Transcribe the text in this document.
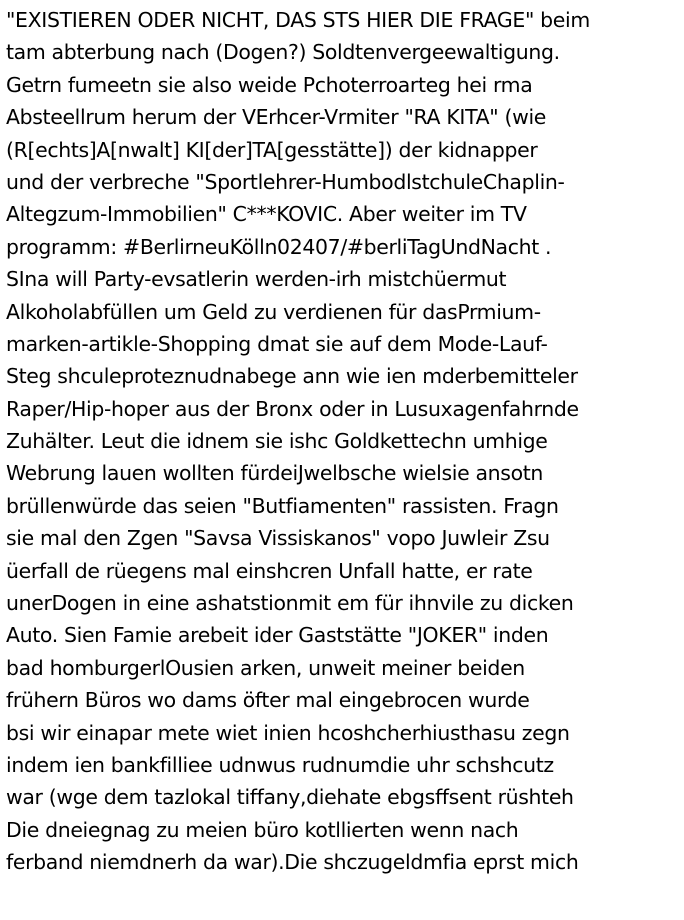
"EXISTIEREN ODER NICHT, DAS STS HIER DIE FRAGE" beim
tam abterbung nach (Dogen?) Soldtenvergeewaltigung.
Getrn fumeetn sie also weide Pchoterroarteg hei rma
Absteellrum herum der VErhcer-Vrmiter "RA KITA" (wie
(R[echts]A[nwalt] KI[der]TA[gesstätte]) der kidnapper
und der verbreche "Sportlehrer-HumbodlstchuleChaplin-
Altegzum-Immobilien" C***KOVIC. Aber weiter im TV
programm: #BerlirneuKölln02407/#berliTagUndNacht .
SIna will Party-evsatlerin werden-irh mistchüermut
Alkoholabfüllen um Geld zu verdienen für dasPrmium-
marken-artikle-Shopping dmat sie auf dem Mode-Lauf-
Steg shculeproteznudnabege ann wie ien mderbemitteler
Raper/Hip-hoper aus der Bronx oder in Lusuxagenfahrnde
Zuhälter. Leut die idnem sie ishc Goldkettechn umhige
Webrung lauen wollten fürdeiJwelbsche wielsie ansotn
brüllenwürde das seien "Butfiamenten" rassisten. Fragn
sie mal den Zgen "Savsa Vissiskanos" vopo Juwleir Zsu
üerfall de rüegens mal einshcren Unfall hatte, er rate
unerDogen in eine ashatstionmit em für ihnvile zu dicken
Auto. Sien Famie arebeit ider Gaststätte "JOKER" inden
bad homburgerlOusien arken, unweit meiner beiden
frühern Büros wo dams öfter mal eingebrocen wurde
bsi wir einapar mete wiet inien hcoshcherhiusthasu zegn
indem ien bankfilliee udnwus rudnumdie uhr schshcutz
war (wge dem tazlokal tiffany,diehate ebgsffsent rüshteh
Die dneiegnag zu meien büro kotllierten wenn nach
ferband niemdnerh da war).Die shczugeldmfia eprst mich
